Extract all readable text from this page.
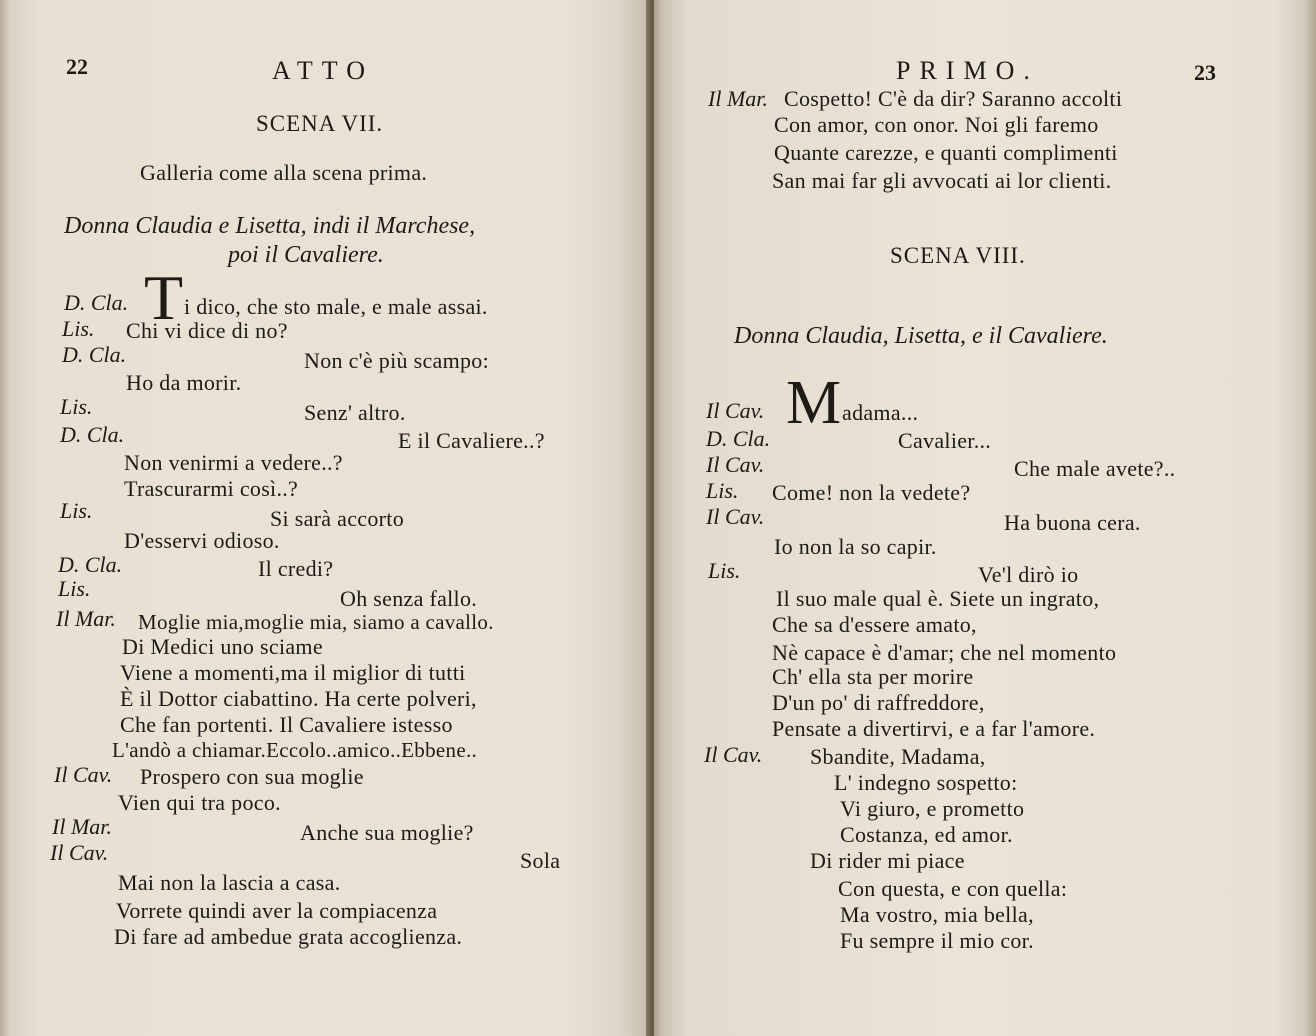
22	ATTO
SCENA VII.
Galleria come alla scena prima.
Donna Claudia e Lisetta, indi il Marchese,
poi il Cavaliere.
D. Cla. T i dico, che sto male, e male assai.
Lis. Chi vi dice di no?
D. Cla.	Non c'è più scampo:
Ho da morir.
Lis.	Senz' altro.
D. Cla.	E il Cavaliere..?
Non venirmi a vedere..?
Trascurarmi così..?
Lis.	Si sarà accorto
D'esservi odioso.
D. Cla.	Il credi?
Lis.	Oh senza fallo.
Il Mar. Moglie mia,moglie mia, siamo a cavallo.
Di Medici uno sciame
Viene a momenti,ma il miglior di tutti
È il Dottor ciabattino. Ha certe polveri,
Che fan portenti. Il Cavaliere istesso
L'andò a chiamar.Eccolo..amico..Ebbene..
Il Cav. Prospero con sua moglie
Vien qui tra poco.
Il Mar.	Anche sua moglie?
Il Cav.	Sola
Mai non la lascia a casa.
Vorrete quindi aver la compiacenza
Di fare ad ambedue grata accoglienza.
PRIMO.	23
Il Mar. Cospetto! C'è da dir? Saranno accolti
Con amor, con onor. Noi gli faremo
Quante carezze, e quanti complimenti
San mai far gli avvocati ai lor clienti.
SCENA VIII.
Donna Claudia, Lisetta, e il Cavaliere.
Il Cav. M adama...
D. Cla.	Cavalier...
Il Cav.	Che male avete?..
Lis. Come! non la vedete?
Il Cav.	Ha buona cera.
Io non la so capir.
Lis.	Ve'l dirò io
Il suo male qual è. Siete un ingrato,
Che sa d'essere amato,
Nè capace è d'amar; che nel momento
Ch' ella sta per morire
D'un po' di raffreddore,
Pensate a divertirvi, e a far l'amore.
Il Cav. Sbandite, Madama,
L' indegno sospetto:
Vi giuro, e prometto
Costanza, ed amor.
Di rider mi piace
Con questa, e con quella:
Ma vostro, mia bella,
Fu sempre il mio cor.
